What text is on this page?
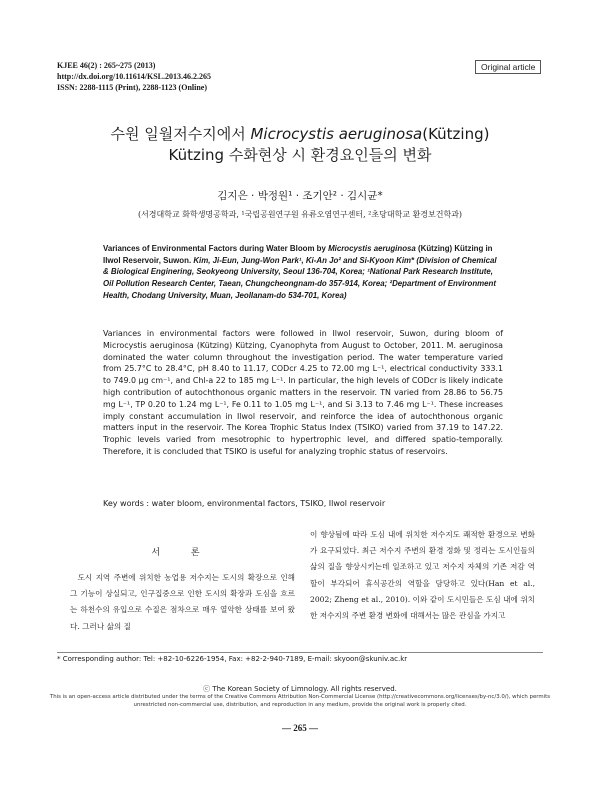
KJEE 46(2) : 265~275 (2013)
http://dx.doi.org/10.11614/KSL.2013.46.2.265
ISSN: 2288-1115 (Print), 2288-1123 (Online)
Original article
수원 일월저수지에서 Microcystis aeruginosa(Kützing)
Kützing 수화현상 시 환경요인들의 변화
김지은 · 박정원¹ · 조기안² · 김시균*
(서경대학교 화학생명공학과, ¹국립공원연구원 유류오염연구센터, ²초당대학교 환경보건학과)
Variances of Environmental Factors during Water Bloom by Microcystis aeruginosa (Kützing) Kützing in Ilwol Reservoir, Suwon. Kim, Ji-Eun, Jung-Won Park¹, Ki-An Jo² and Si-Kyoon Kim* (Division of Chemical & Biological Enginering, Seokyeong University, Seoul 136-704, Korea; ¹National Park Research Institute, Oil Pollution Research Center, Taean, Chungcheongnam-do 357-914, Korea; ²Department of Environment Health, Chodang University, Muan, Jeollanam-do 534-701, Korea)

Variances in environmental factors were followed in Ilwol reservoir, Suwon, during bloom of Microcystis aeruginosa (Kützing) Kützing, Cyanophyta from August to October, 2011. M. aeruginosa dominated the water column throughout the investigation period. The water temperature varied from 25.7°C to 28.4°C, pH 8.40 to 11.17, CODcr 4.25 to 72.00 mg L⁻¹, electrical conductivity 333.1 to 749.0 μg cm⁻¹, and Chl-a 22 to 185 mg L⁻¹. In particular, the high levels of CODcr is likely indicate high contribution of autochthonous organic matters in the reservoir. TN varied from 28.86 to 56.75 mg L⁻¹, TP 0.20 to 1.24 mg L⁻¹, Fe 0.11 to 1.05 mg L⁻¹, and Si 3.13 to 7.46 mg L⁻¹. These increases imply constant accumulation in Ilwol reservoir, and reinforce the idea of autochthonous organic matters input in the reservoir. The Korea Trophic Status Index (TSIKO) varied from 37.19 to 147.22. Trophic levels varied from mesotrophic to hypertrophic level, and differed spatio-temporally. Therefore, it is concluded that TSIKO is useful for analyzing trophic status of reservoirs.

Key words : water bloom, environmental factors, TSIKO, Ilwol reservoir
서 론

도시 지역 주변에 위치한 농업용 저수지는 도시의 확장으로 인해 그 기능이 상실되고, 인구집중으로 인한 도시의 확장과 도심을 흐르는 하천수의 유입으로 수질은 점차으로 매우 열악한 상태를 보여 왔다. 그러나 삶의 질

이 향상됨에 따라 도심 내에 위치한 저수지도 쾌적한 환경으로 변화가 요구되었다. 최근 저수지 주변의 환경 정화 및 정리는 도시인들의 삶의 질을 향상시키는데 일조하고 있고 저수지 자체의 기존 저감 역할이 부각되어 휴식공간의 역할을 담당하고 있다(Han et al., 2002; Zheng et al., 2010). 이와 같이 도시민들은 도심 내에 위치한 저수지의 주변 환경 변화에 대해서는 많은 관심을 가지고

* Corresponding author: Tel: +82-10-6226-1954, Fax: +82-2-940-7189, E-mail: skyoon@skuniv.ac.kr
ⓒ The Korean Society of Limnology. All rights reserved.
This is an open-access article distributed under the terms of the Creative Commons Attribution Non-Commercial License (http://creativecommons.org/licenses/by-nc/3.0/), which permits unrestricted non-commercial use, distribution, and reproduction in any medium, provide the original work is properly cited.
— 265 —
